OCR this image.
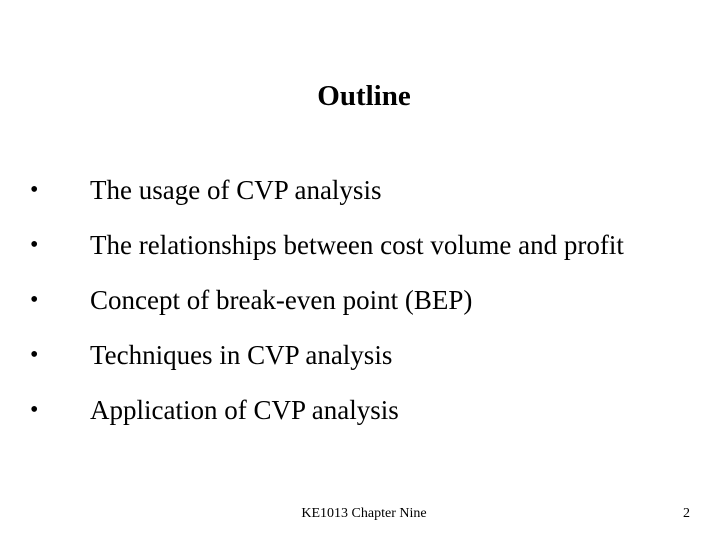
Outline
•	The usage of CVP analysis
•	The relationships between cost volume and profit
•	Concept of break-even point (BEP)
•	Techniques in CVP analysis
•	Application of CVP analysis
KE1013 Chapter Nine	2
